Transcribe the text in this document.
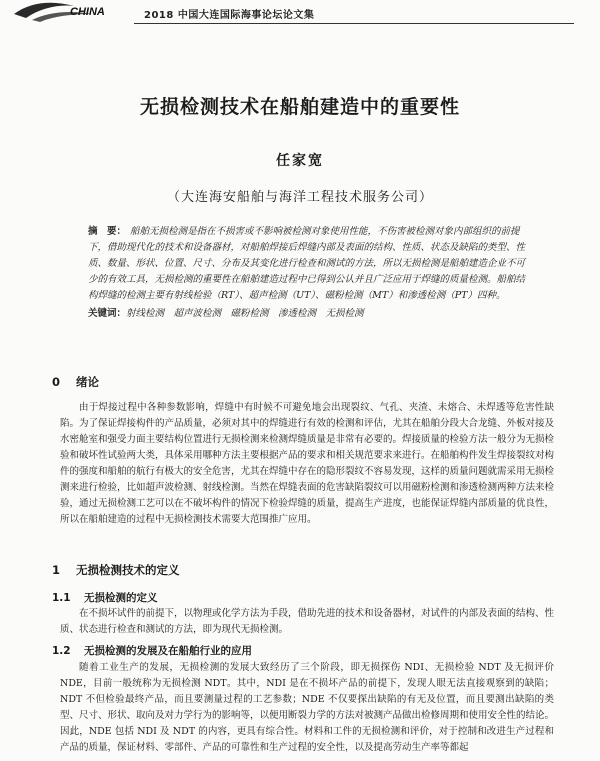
CHINA	2018 中国大连国际海事论坛论文集
无损检测技术在船舶建造中的重要性
任家宽
（大连海安船舶与海洋工程技术服务公司）
摘　要： 船舶无损检测是指在不损害或不影响被检测对象使用性能，不伤害被检测对象内部组织的前提下，借助现代化的技术和设备器材，对船舶焊接后焊缝内部及表面的结构、性质、状态及缺陷的类型、性质、数量、形状、位置、尺寸、分布及其变化进行检查和测试的方法，所以无损检测是船舶建造企业不可少的有效工具，无损检测的重要性在船舶建造过程中已得到公认并且广泛应用于焊缝的质量检测。船舶结构焊缝的检测主要有射线检验（RT）、超声检测（UT）、磁粉检测（MT）和渗透检测（PT）四种。
关键词：射线检测　超声波检测　磁粉检测　渗透检测　无损检测
0 绪论
由于焊接过程中各种参数影响，焊缝中有时候不可避免地会出现裂纹、气孔、夹渣、未熔合、未焊透等危害性缺陷。为了保证焊接构件的产品质量，必须对其中的焊缝进行有效的检测和评估，尤其在船舶分段大合龙缝、外板对接及水密舱室和强受力面主要结构位置进行无损检测来检测焊缝质量是非常有必要的。焊接质量的检验方法一般分为无损检验和破坏性试验两大类，具体采用哪种方法主要根据产品的要求和相关规范要求来进行。在船舶构件发生焊接裂纹对构件的强度和船舶的航行有极大的安全危害，尤其在焊缝中存在的隐形裂纹不容易发现，这样的质量问题就需采用无损检测来进行检验，比如超声波检测、射线检测。当然在焊缝表面的危害缺陷裂纹可以用磁粉检测和渗透检测两种方法来检验，通过无损检测工艺可以在不破坏构件的情况下检验焊缝的质量，提高生产进度，也能保证焊缝内部质量的优良性，所以在船舶建造的过程中无损检测技术需要大范围推广应用。
1 无损检测技术的定义
1.1 无损检测的定义
在不损坏试件的前提下，以物理或化学方法为手段，借助先进的技术和设备器材，对试件的内部及表面的结构、性质、状态进行检查和测试的方法，即为现代无损检测。
1.2 无损检测的发展及在船舶行业的应用
随着工业生产的发展，无损检测的发展大致经历了三个阶段，即无损探伤 NDI、无损检验 NDT 及无损评价 NDE，目前一般统称为无损检测 NDT。其中，NDI 是在不损坏产品的前提下，发现人眼无法直接观察到的缺陷；NDT 不但检验最终产品，而且要测量过程的工艺参数；NDE 不仅要探出缺陷的有无及位置，而且要测出缺陷的类型、尺寸、形状、取向及对力学行为的影响等，以便用断裂力学的方法对被测产品做出检修周期和使用安全性的结论。因此，NDE 包括 NDI 及 NDT 的内容，更具有综合性。材料和工件的无损检测和评价，对于控制和改进生产过程和产品的质量，保证材料、零部件、产品的可靠性和生产过程的安全性，以及提高劳动生产率等都起
